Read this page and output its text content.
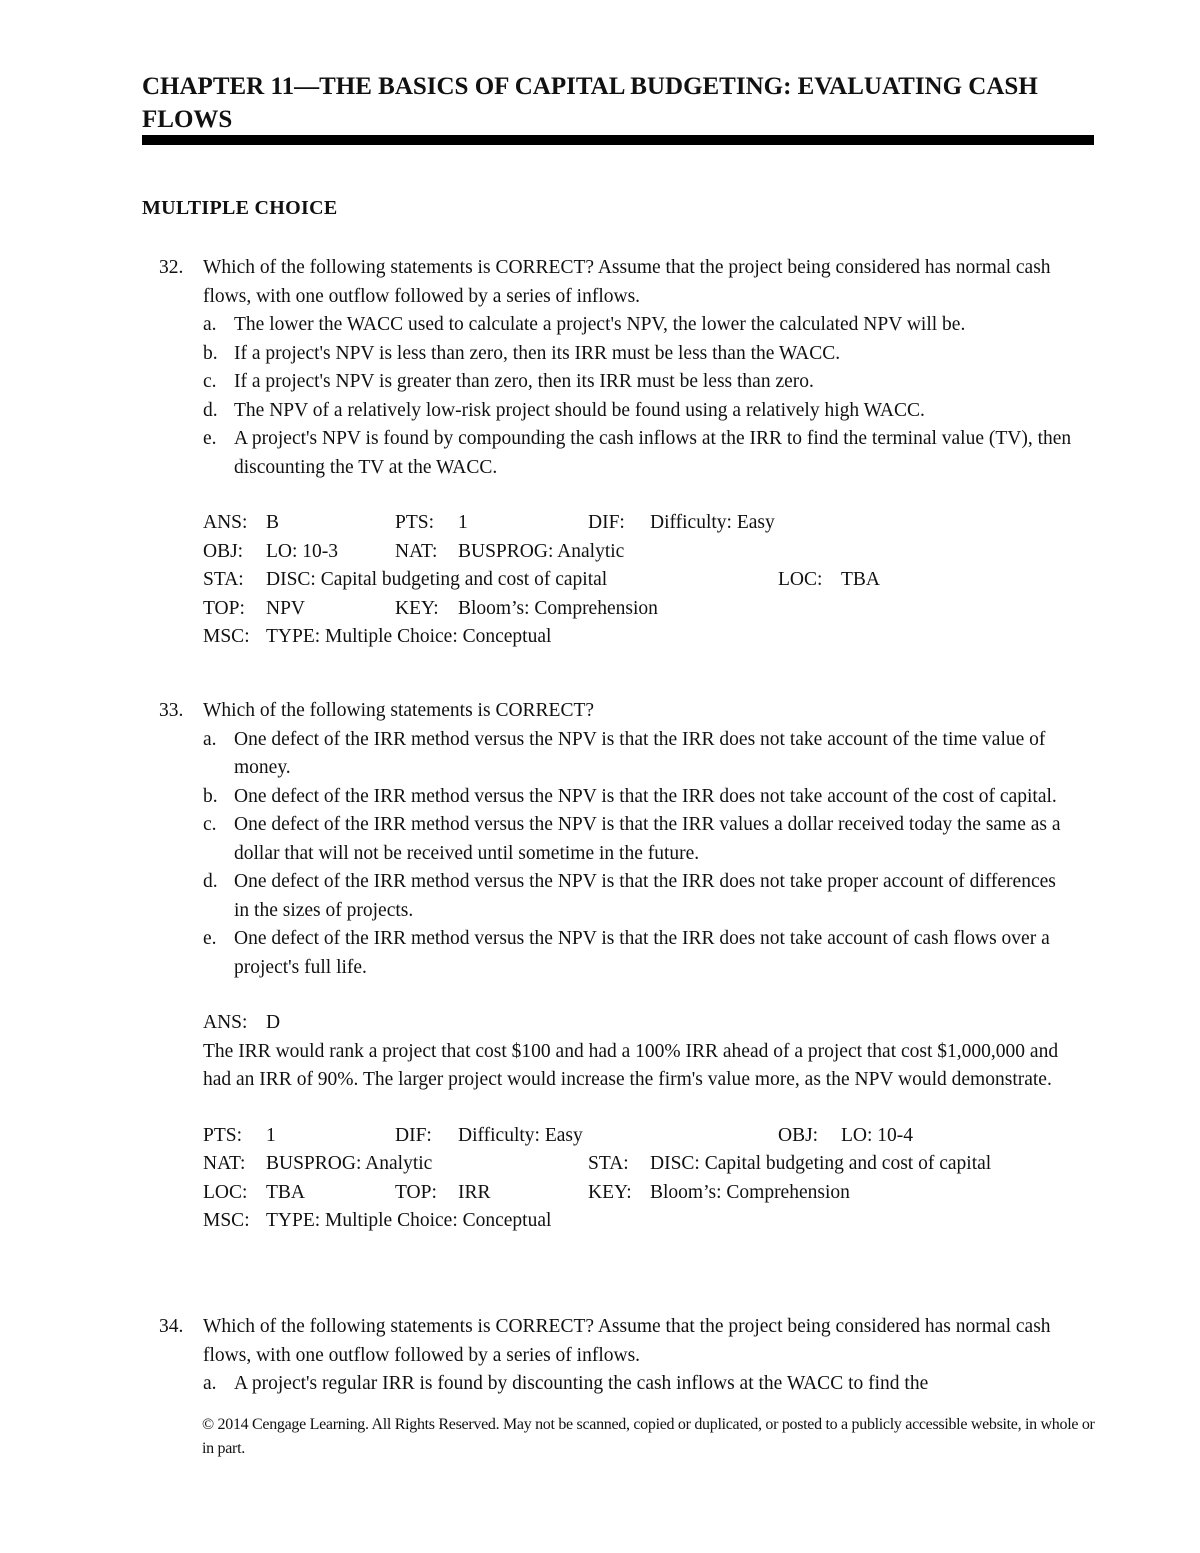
CHAPTER 11—THE BASICS OF CAPITAL BUDGETING: EVALUATING CASH FLOWS
MULTIPLE CHOICE
32. Which of the following statements is CORRECT? Assume that the project being considered has normal cash flows, with one outflow followed by a series of inflows.
a. The lower the WACC used to calculate a project's NPV, the lower the calculated NPV will be.
b. If a project's NPV is less than zero, then its IRR must be less than the WACC.
c. If a project's NPV is greater than zero, then its IRR must be less than zero.
d. The NPV of a relatively low-risk project should be found using a relatively high WACC.
e. A project's NPV is found by compounding the cash inflows at the IRR to find the terminal value (TV), then discounting the TV at the WACC.
ANS: B	PTS: 1	DIF: Difficulty: Easy
OBJ: LO: 10-3	NAT: BUSPROG: Analytic
STA: DISC: Capital budgeting and cost of capital	LOC: TBA
TOP: NPV	KEY: Bloom’s: Comprehension
MSC: TYPE: Multiple Choice: Conceptual
33. Which of the following statements is CORRECT?
a. One defect of the IRR method versus the NPV is that the IRR does not take account of the time value of money.
b. One defect of the IRR method versus the NPV is that the IRR does not take account of the cost of capital.
c. One defect of the IRR method versus the NPV is that the IRR values a dollar received today the same as a dollar that will not be received until sometime in the future.
d. One defect of the IRR method versus the NPV is that the IRR does not take proper account of differences in the sizes of projects.
e. One defect of the IRR method versus the NPV is that the IRR does not take account of cash flows over a project's full life.
ANS: D
The IRR would rank a project that cost $100 and had a 100% IRR ahead of a project that cost $1,000,000 and had an IRR of 90%. The larger project would increase the firm's value more, as the NPV would demonstrate.
PTS: 1	DIF: Difficulty: Easy	OBJ: LO: 10-4
NAT: BUSPROG: Analytic	STA: DISC: Capital budgeting and cost of capital
LOC: TBA	TOP: IRR	KEY: Bloom’s: Comprehension
MSC: TYPE: Multiple Choice: Conceptual
34. Which of the following statements is CORRECT? Assume that the project being considered has normal cash flows, with one outflow followed by a series of inflows.
a. A project's regular IRR is found by discounting the cash inflows at the WACC to find the
© 2014 Cengage Learning. All Rights Reserved. May not be scanned, copied or duplicated, or posted to a publicly accessible website, in whole or in part.
